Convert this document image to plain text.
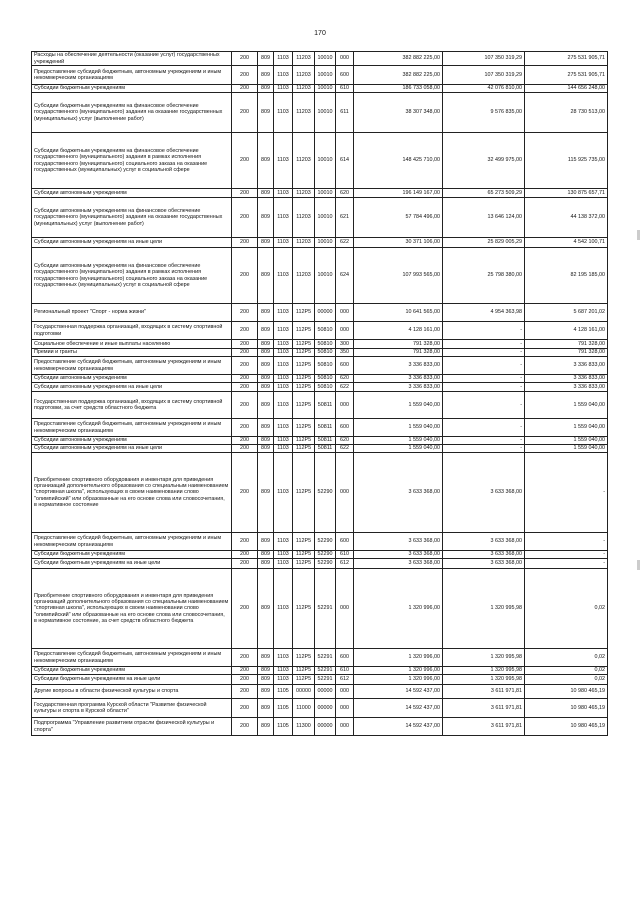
170
Расходы на обеспечение деятельности (оказание услуг) государственных учреждений	200	809	1103	11203	10010	000	382 882 225,00	107 350 319,29	275 531 905,71
Предоставление субсидий бюджетным, автономным учреждениям и иным некоммерческим организациям	200	809	1103	11203	10010	600	382 882 225,00	107 350 319,29	275 531 905,71
Субсидии бюджетным учреждениям	200	809	1103	11203	10010	610	186 733 058,00	42 076 810,00	144 656 248,00
Субсидии бюджетным учреждениям на финансовое обеспечение государственного (муниципального) задания на оказание государственных (муниципальных) услуг (выполнение работ)	200	809	1103	11203	10010	611	38 307 348,00	9 576 835,00	28 730 513,00
Субсидии бюджетным учреждениям на финансовое обеспечение государственного (муниципального) задания в рамках исполнения государственного (муниципального) социального заказа на оказание государственных (муниципальных) услуг в социальной сфере	200	809	1103	11203	10010	614	148 425 710,00	32 499 975,00	115 925 735,00
Субсидии автономным учреждениям	200	809	1103	11203	10010	620	196 149 167,00	65 273 509,29	130 875 657,71
Субсидии автономным учреждениям на финансовое обеспечение государственного (муниципального) задания на оказание государственных (муниципальных) услуг (выполнение работ)	200	809	1103	11203	10010	621	57 784 496,00	13 646 124,00	44 138 372,00
Субсидии автономным учреждениям на иные цели	200	809	1103	11203	10010	622	30 371 106,00	25 829 005,29	4 542 100,71
Субсидии автономным учреждениям на финансовое обеспечение государственного (муниципального) задания в рамках исполнения государственного (муниципального) социального заказа на оказание государственных (муниципальных) услуг в социальной сфере	200	809	1103	11203	10010	624	107 993 565,00	25 798 380,00	82 195 185,00
Региональный проект "Спорт - норма жизни"	200	809	1103	112P5	00000	000	10 641 565,00	4 954 363,98	5 687 201,02
Государственная поддержка организаций, входящих в систему спортивной подготовки	200	809	1103	112P5	50810	000	4 128 161,00	-	4 128 161,00
Социальное обеспечение и иные выплаты населению	200	809	1103	112P5	50810	300	791 328,00	-	791 328,00
Премии и гранты	200	809	1103	112P5	50810	350	791 328,00	-	791 328,00
Предоставление субсидий бюджетным, автономным учреждениям и иным некоммерческим организациям	200	809	1103	112P5	50810	600	3 336 833,00	-	3 336 833,00
Субсидии автономным учреждениям	200	809	1103	112P5	50810	620	3 336 833,00	-	3 336 833,00
Субсидии автономным учреждениям на иные цели	200	809	1103	112P5	50810	622	3 336 833,00	-	3 336 833,00
Государственная поддержка организаций, входящих в систему спортивной подготовки, за счет средств областного бюджета	200	809	1103	112P5	50811	000	1 559 040,00	-	1 559 040,00
Предоставление субсидий бюджетным, автономным учреждениям и иным некоммерческим организациям	200	809	1103	112P5	50811	600	1 559 040,00	-	1 559 040,00
Субсидии автономным учреждениям	200	809	1103	112P5	50811	620	1 559 040,00	-	1 559 040,00
Субсидии автономным учреждениям на иные цели	200	809	1103	112P5	50811	622	1 559 040,00	-	1 559 040,00
Приобретение спортивного оборудования и инвентаря для приведения организаций дополнительного образования со специальным наименованием "спортивная школа", использующих в своем наименовании слово "олимпийский" или образованные на его основе слова или словосочетания, в нормативное состояние	200	809	1103	112P5	52290	000	3 633 368,00	3 633 368,00	-
Предоставление субсидий бюджетным, автономным учреждениям и иным некоммерческим организациям	200	809	1103	112P5	52290	600	3 633 368,00	3 633 368,00	-
Субсидии бюджетным учреждениям	200	809	1103	112P5	52290	610	3 633 368,00	3 633 368,00	-
Субсидии бюджетным учреждениям на иные цели	200	809	1103	112P5	52290	612	3 633 368,00	3 633 368,00	-
Приобретение спортивного оборудования и инвентаря для приведения организаций дополнительного образования со специальным наименованием "спортивная школа", использующих в своем наименовании слово "олимпийский" или образованные на его основе слова или словосочетания, в нормативное состояние, за счет средств областного бюджета	200	809	1103	112P5	52291	000	1 320 996,00	1 320 995,98	0,02
Предоставление субсидий бюджетным, автономным учреждениям и иным некоммерческим организациям	200	809	1103	112P5	52291	600	1 320 996,00	1 320 995,98	0,02
Субсидии бюджетным учреждениям	200	809	1103	112P5	52291	610	1 320 996,00	1 320 995,98	0,02
Субсидии бюджетным учреждениям на иные цели	200	809	1103	112P5	52291	612	1 320 996,00	1 320 995,98	0,02
Другие вопросы в области физической культуры и спорта	200	809	1105	00000	00000	000	14 592 437,00	3 611 971,81	10 980 465,19
Государственная программа Курской области "Развитие физической культуры и спорта в Курской области"	200	809	1105	11000	00000	000	14 592 437,00	3 611 971,81	10 980 465,19
Подпрограмма "Управление развитием отрасли физической культуры и спорта"	200	809	1105	11300	00000	000	14 592 437,00	3 611 971,81	10 980 465,19
